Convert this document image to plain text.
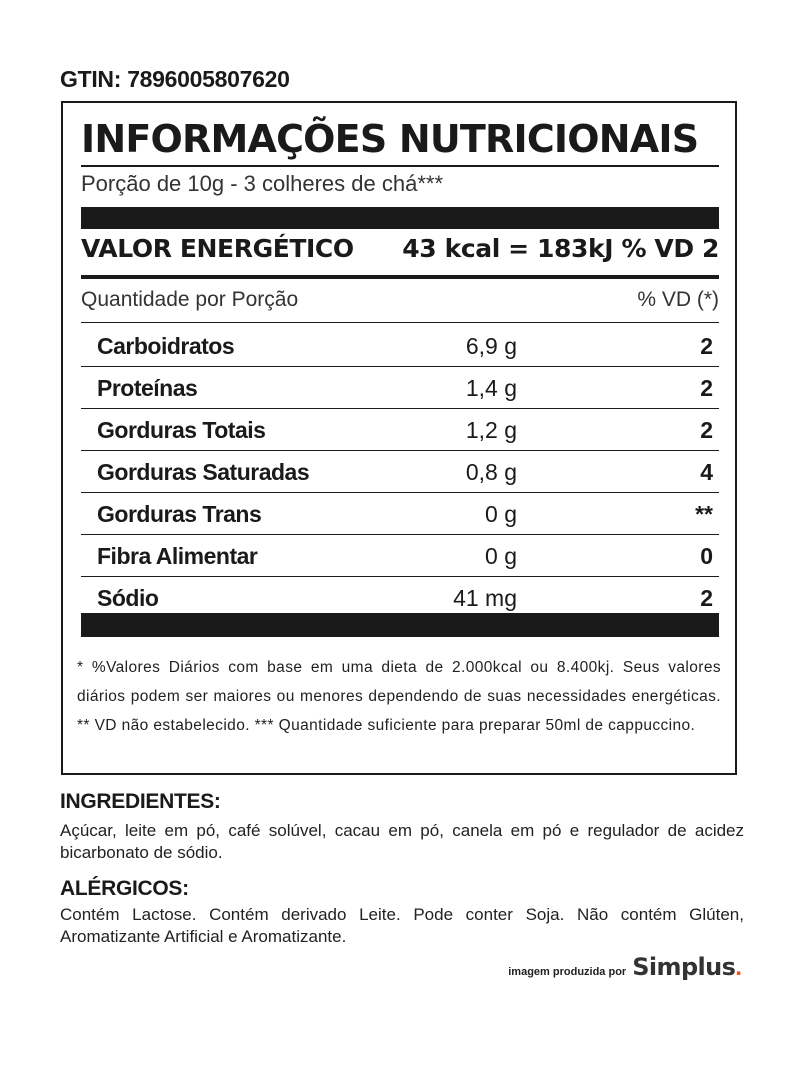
GTIN: 7896005807620
INFORMAÇÕES NUTRICIONAIS
Porção de 10g - 3 colheres de chá***
VALOR ENERGÉTICO 43 kcal = 183kJ % VD 2
Quantidade por Porção	% VD (*)
Carboidratos	6,9 g	2
Proteínas	1,4 g	2
Gorduras Totais	1,2 g	2
Gorduras Saturadas	0,8 g	4
Gorduras Trans	0 g	**
Fibra Alimentar	0 g	0
Sódio	41 mg	2
* %Valores Diários com base em uma dieta de 2.000kcal ou 8.400kj. Seus valores diários podem ser maiores ou menores dependendo de suas necessidades energéticas. ** VD não estabelecido. *** Quantidade suficiente para preparar 50ml de cappuccino.
INGREDIENTES:
Açúcar, leite em pó, café solúvel, cacau em pó, canela em pó e regulador de acidez bicarbonato de sódio.
ALÉRGICOS:
Contém Lactose. Contém derivado Leite. Pode conter Soja. Não contém Glúten, Aromatizante Artificial e Aromatizante.
imagem produzida por Simplus .
